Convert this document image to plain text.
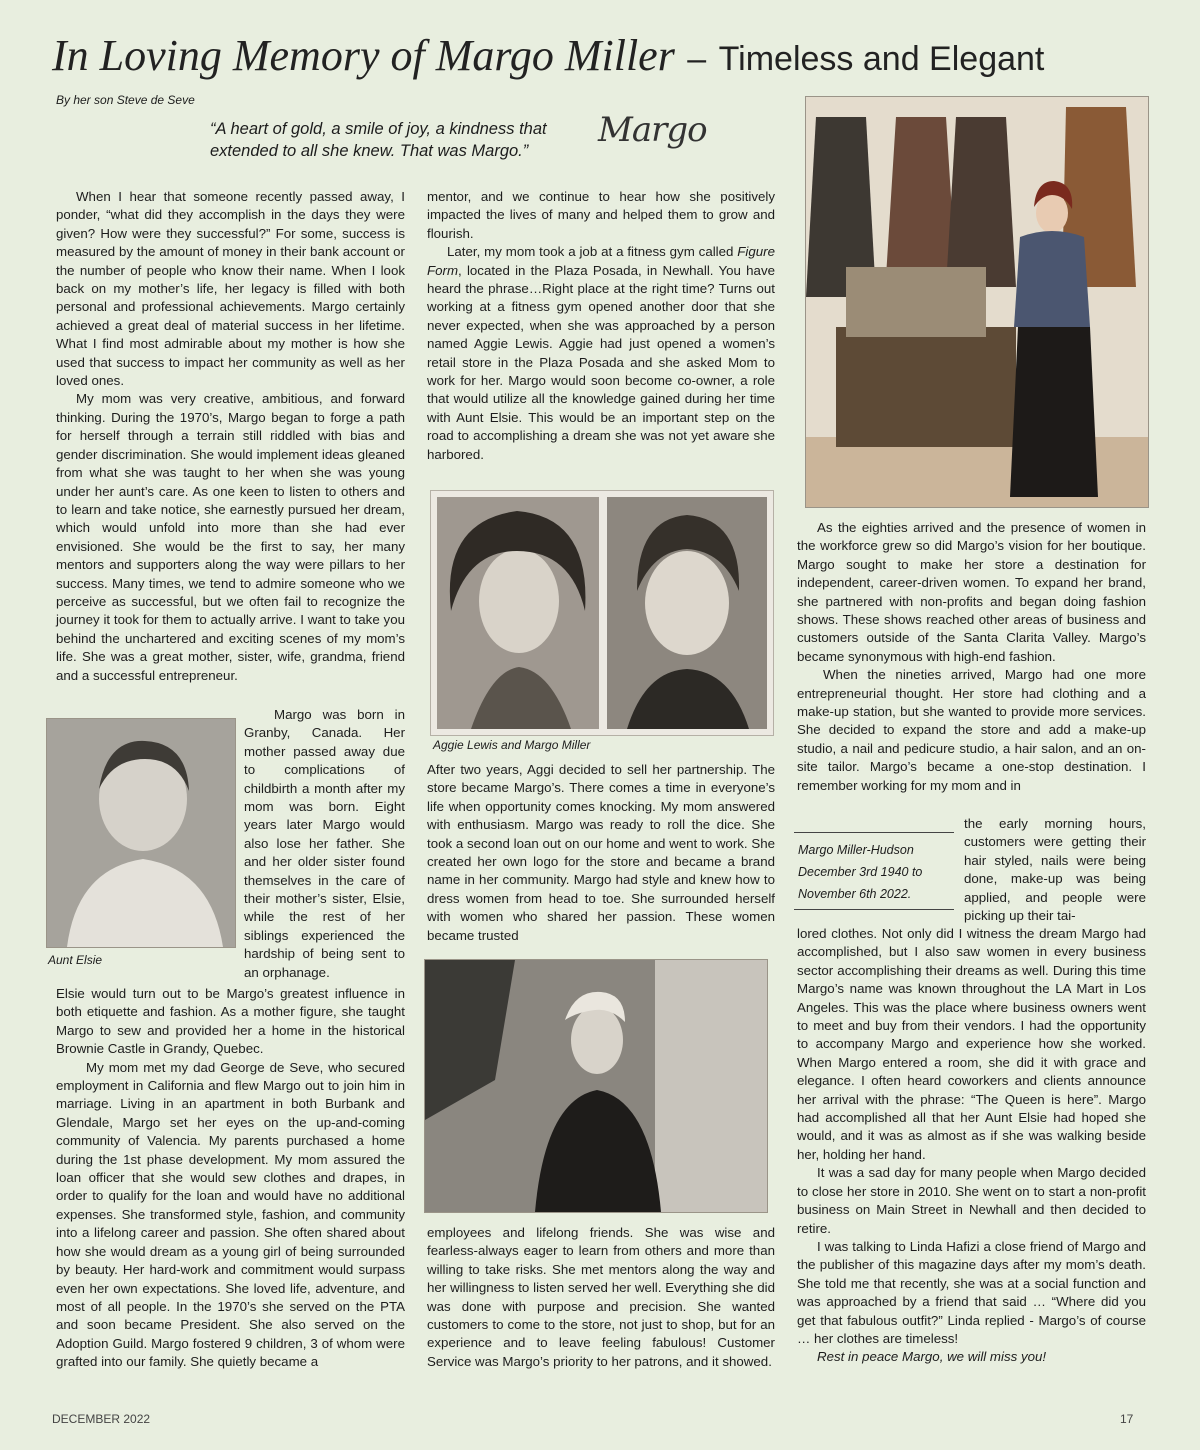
In Loving Memory of Margo Miller – Timeless and Elegant
By her son Steve de Seve
“A heart of gold, a smile of joy, a kindness that extended to all she knew. That was Margo.”
Margo

When I hear that someone recently passed away, I ponder, “what did they accomplish in the days they were given? How were they successful?” For some, success is measured by the amount of money in their bank account or the number of people who know their name. When I look back on my mother’s life, her legacy is filled with both personal and professional achievements. Margo certainly achieved a great deal of material success in her lifetime. What I find most admirable about my mother is how she used that success to impact her community as well as her loved ones.

My mom was very creative, ambitious, and forward thinking. During the 1970’s, Margo began to forge a path for herself through a terrain still riddled with bias and gender discrimination. She would implement ideas gleaned from what she was taught to her when she was young under her aunt’s care. As one keen to listen to others and to learn and take notice, she earnestly pursued her dream, which would unfold into more than she had ever envisioned. She would be the first to say, her many mentors and supporters along the way were pillars to her success. Many times, we tend to admire someone who we perceive as successful, but we often fail to recognize the journey it took for them to actually arrive. I want to take you behind the unchartered and exciting scenes of my mom’s life. She was a great mother, sister, wife, grandma, friend and a successful entrepreneur.

Aunt Elsie

Margo was born in Granby, Canada. Her mother passed away due to complications of childbirth a month after my mom was born. Eight years later Margo would also lose her father. She and her older sister found themselves in the care of their mother’s sister, Elsie, while the rest of her siblings experienced the hardship of being sent to an orphanage.

Elsie would turn out to be Margo’s greatest influence in both etiquette and fashion. As a mother figure, she taught Margo to sew and provided her a home in the historical Brownie Castle in Grandy, Quebec.

My mom met my dad George de Seve, who secured employment in California and flew Margo out to join him in marriage. Living in an apartment in both Burbank and Glendale, Margo set her eyes on the up-and-coming community of Valencia. My parents purchased a home during the 1st phase development. My mom assured the loan officer that she would sew clothes and drapes, in order to qualify for the loan and would have no additional expenses. She transformed style, fashion, and community into a lifelong career and passion. She often shared about how she would dream as a young girl of being surrounded by beauty. Her hard-work and commitment would surpass even her own expectations. She loved life, adventure, and most of all people. In the 1970’s she served on the PTA and soon became President. She also served on the Adoption Guild. Margo fostered 9 children, 3 of whom were grafted into our family. She quietly became a

mentor, and we continue to hear how she positively impacted the lives of many and helped them to grow and flourish.

Later, my mom took a job at a fitness gym called Figure Form, located in the Plaza Posada, in Newhall. You have heard the phrase…Right place at the right time? Turns out working at a fitness gym opened another door that she never expected, when she was approached by a person named Aggie Lewis. Aggie had just opened a women’s retail store in the Plaza Posada and she asked Mom to work for her. Margo would soon become co-owner, a role that would utilize all the knowledge gained during her time with Aunt Elsie. This would be an important step on the road to accomplishing a dream she was not yet aware she harbored.

Aggie Lewis and Margo Miller

After two years, Aggi decided to sell her partnership. The store became Margo’s. There comes a time in everyone’s life when opportunity comes knocking. My mom answered with enthusiasm. Margo was ready to roll the dice. She took a second loan out on our home and went to work. She created her own logo for the store and became a brand name in her community. Margo had style and knew how to dress women from head to toe. She surrounded herself with women who shared her passion. These women became trusted

employees and lifelong friends. She was wise and fearless-always eager to learn from others and more than willing to take risks. She met mentors along the way and her willingness to listen served her well. Everything she did was done with purpose and precision. She wanted customers to come to the store, not just to shop, but for an experience and to leave feeling fabulous! Customer Service was Margo’s priority to her patrons, and it showed.

As the eighties arrived and the presence of women in the workforce grew so did Margo’s vision for her boutique. Margo sought to make her store a destination for independent, career-driven women. To expand her brand, she partnered with non-profits and began doing fashion shows. These shows reached other areas of business and customers outside of the Santa Clarita Valley. Margo’s became synonymous with high-end fashion.

When the nineties arrived, Margo had one more entrepreneurial thought. Her store had clothing and a make-up station, but she wanted to provide more services. She decided to expand the store and add a make-up studio, a nail and pedicure studio, a hair salon, and an on-site tailor. Margo’s became a one-stop destination. I remember working for my mom and in

Margo Miller-Hudson
December 3rd 1940 to
November 6th 2022.

the early morning hours, customers were getting their hair styled, nails were being done, make-up was being applied, and people were picking up their tai-

lored clothes. Not only did I witness the dream Margo had accomplished, but I also saw women in every business sector accomplishing their dreams as well. During this time Margo’s name was known throughout the LA Mart in Los Angeles. This was the place where business owners went to meet and buy from their vendors. I had the opportunity to accompany Margo and experience how she worked. When Margo entered a room, she did it with grace and elegance. I often heard coworkers and clients announce her arrival with the phrase: “The Queen is here”. Margo had accomplished all that her Aunt Elsie had hoped she would, and it was as almost as if she was walking beside her, holding her hand.

It was a sad day for many people when Margo decided to close her store in 2010. She went on to start a non-profit business on Main Street in Newhall and then decided to retire.

I was talking to Linda Hafizi a close friend of Margo and the publisher of this magazine days after my mom’s death. She told me that recently, she was at a social function and was approached by a friend that said … “Where did you get that fabulous outfit?” Linda replied - Margo’s of course … her clothes are timeless!

Rest in peace Margo, we will miss you!

DECEMBER 2022	17
